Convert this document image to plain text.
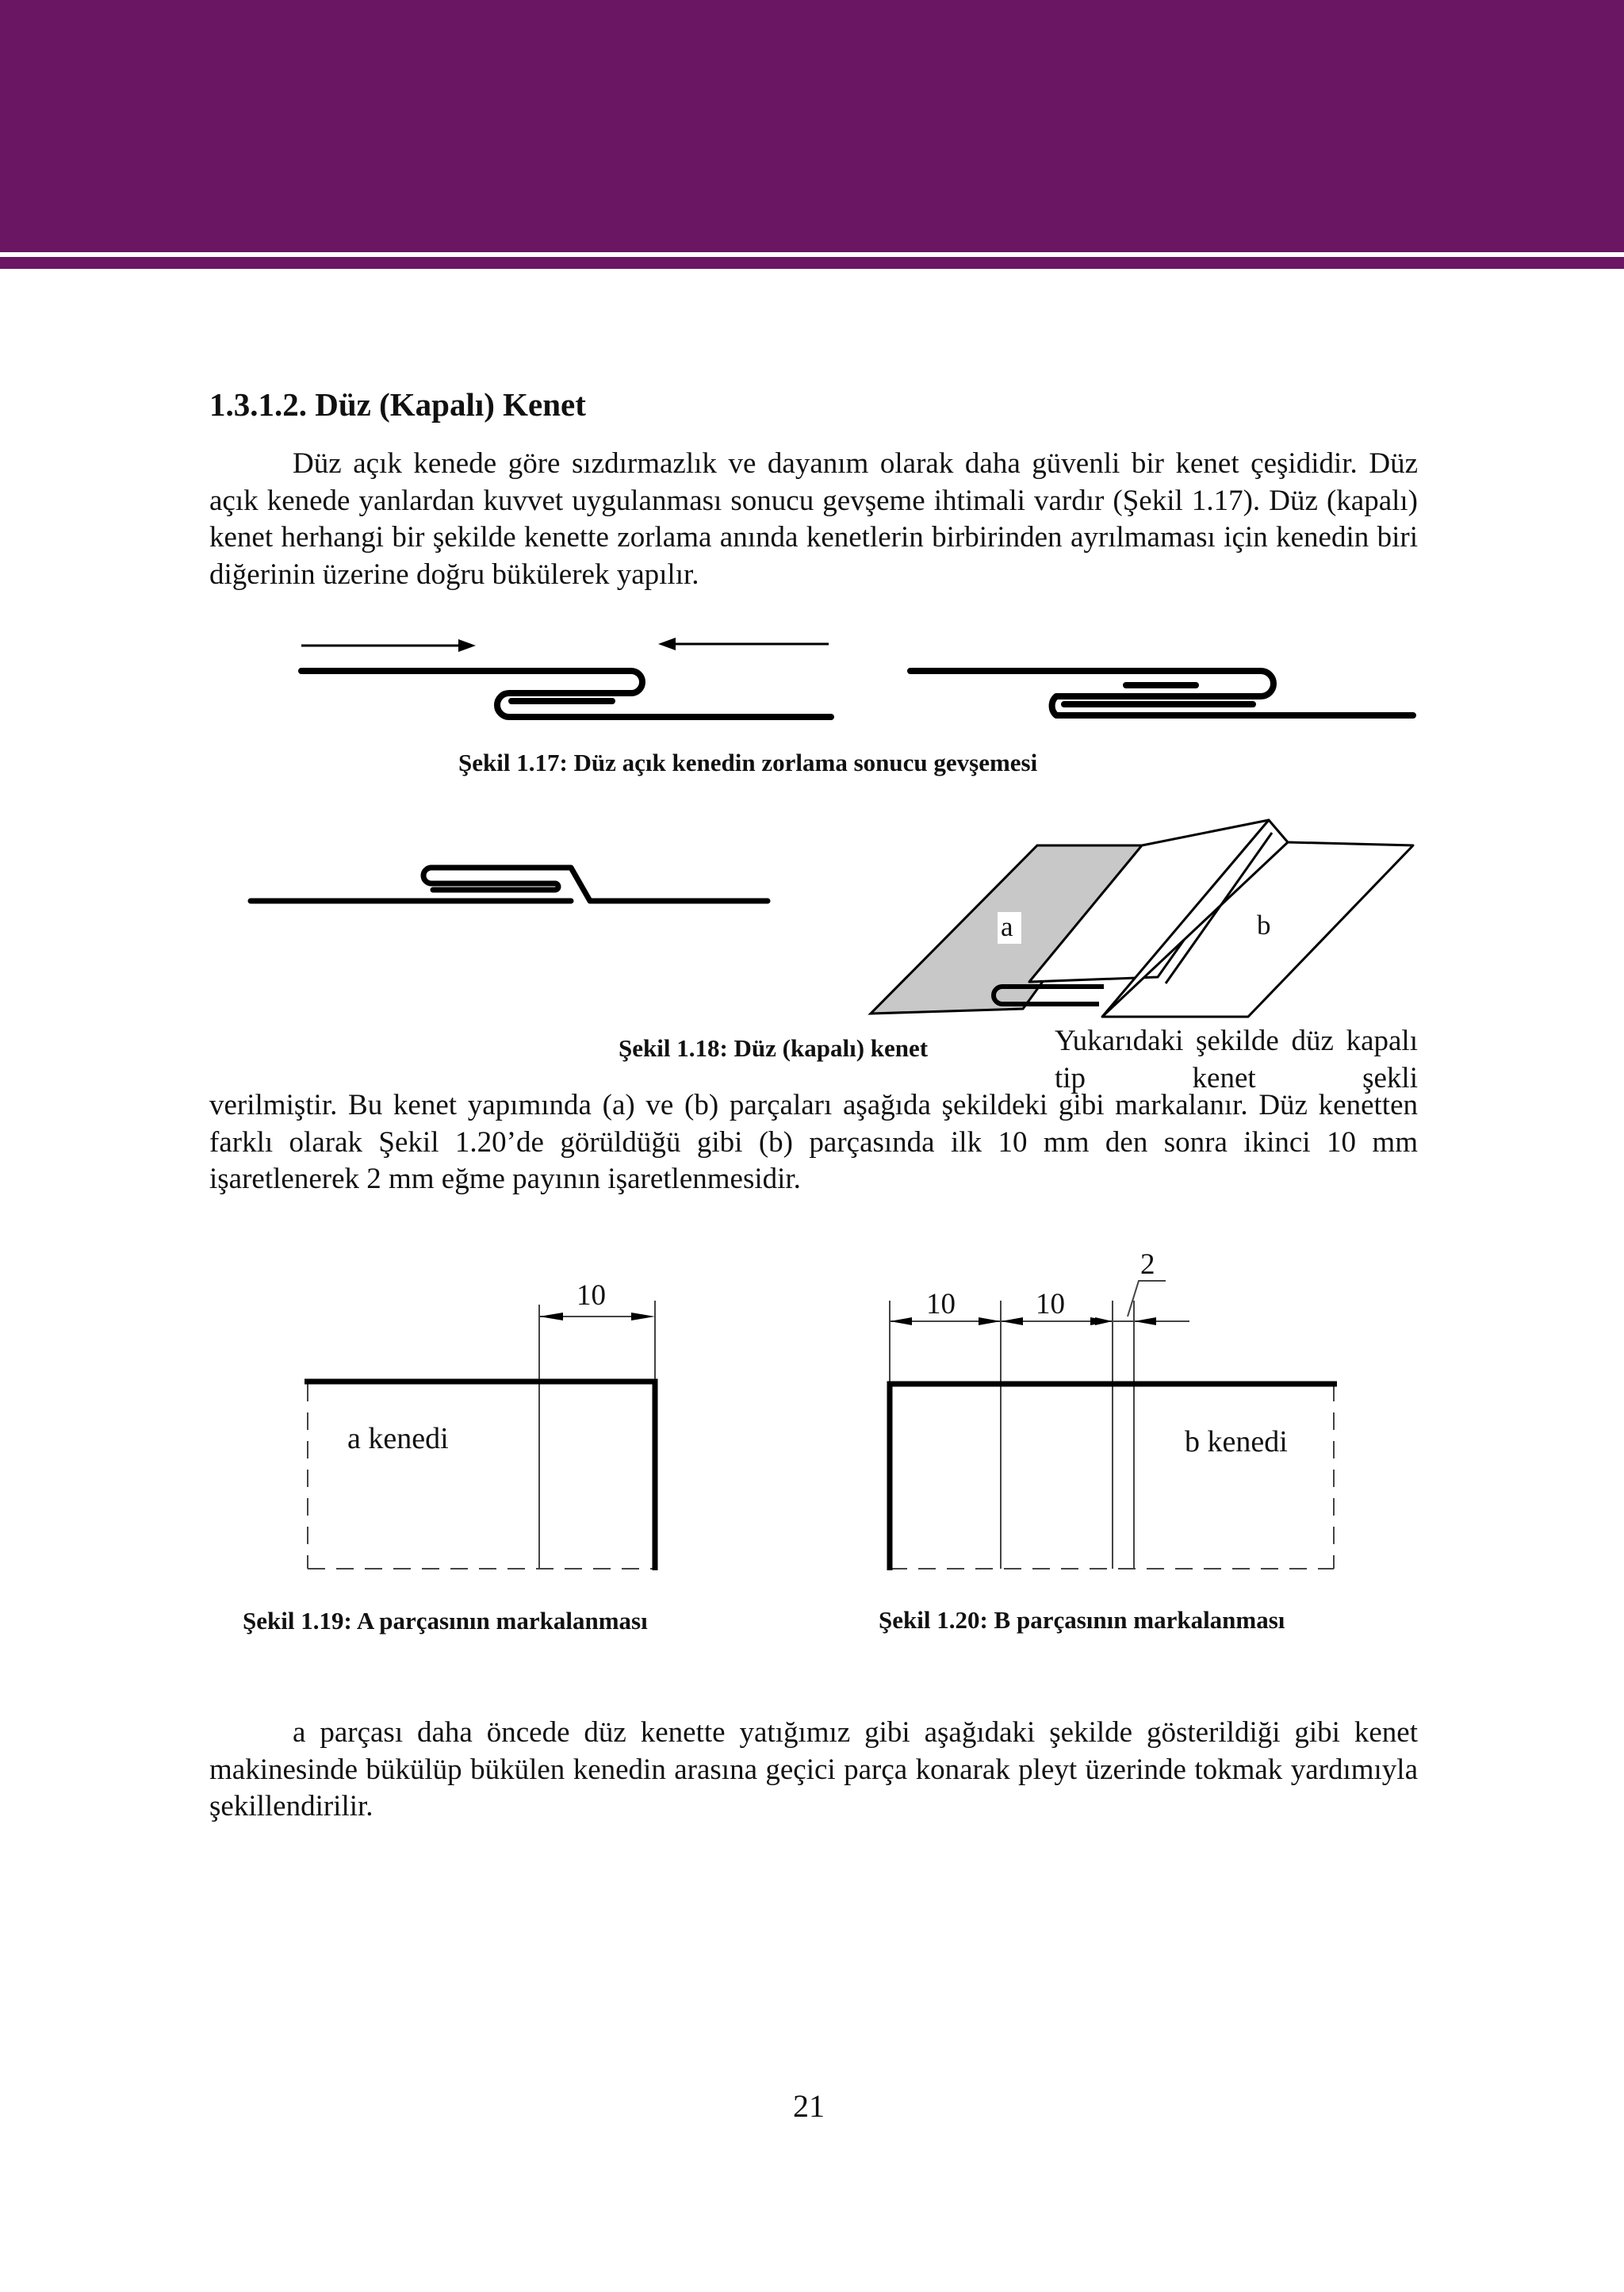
1.3.1.2. Düz (Kapalı) Kenet

Düz açık kenede göre sızdırmazlık ve dayanım olarak daha güvenli bir kenet çeşididir. Düz açık kenede yanlardan kuvvet uygulanması sonucu gevşeme ihtimali vardır (Şekil 1.17). Düz (kapalı) kenet herhangi bir şekilde kenette zorlama anında kenetlerin birbirinden ayrılmaması için kenedin biri diğerinin üzerine doğru bükülerek yapılır.

Şekil 1.17: Düz açık kenedin zorlama sonucu gevşemesi

a	b

Şekil 1.18: Düz (kapalı) kenet	Yukarıdaki şekilde düz kapalı tip kenet şekli

verilmiştir. Bu kenet yapımında (a) ve (b) parçaları aşağıda şekildeki gibi markalanır. Düz kenetten farklı olarak Şekil 1.20’de görüldüğü gibi (b) parçasında ilk 10 mm den sonra ikinci 10 mm işaretlenerek 2 mm eğme payının işaretlenmesidir.

10
a kenedi

Şekil 1.19: A parçasının markalanması

10	10
2
b kenedi

Şekil 1.20: B parçasının markalanması

a parçası daha öncede düz kenette yatığımız gibi aşağıdaki şekilde gösterildiği gibi kenet makinesinde bükülüp bükülen kenedin arasına geçici parça konarak pleyt üzerinde tokmak yardımıyla şekillendirilir.

21
